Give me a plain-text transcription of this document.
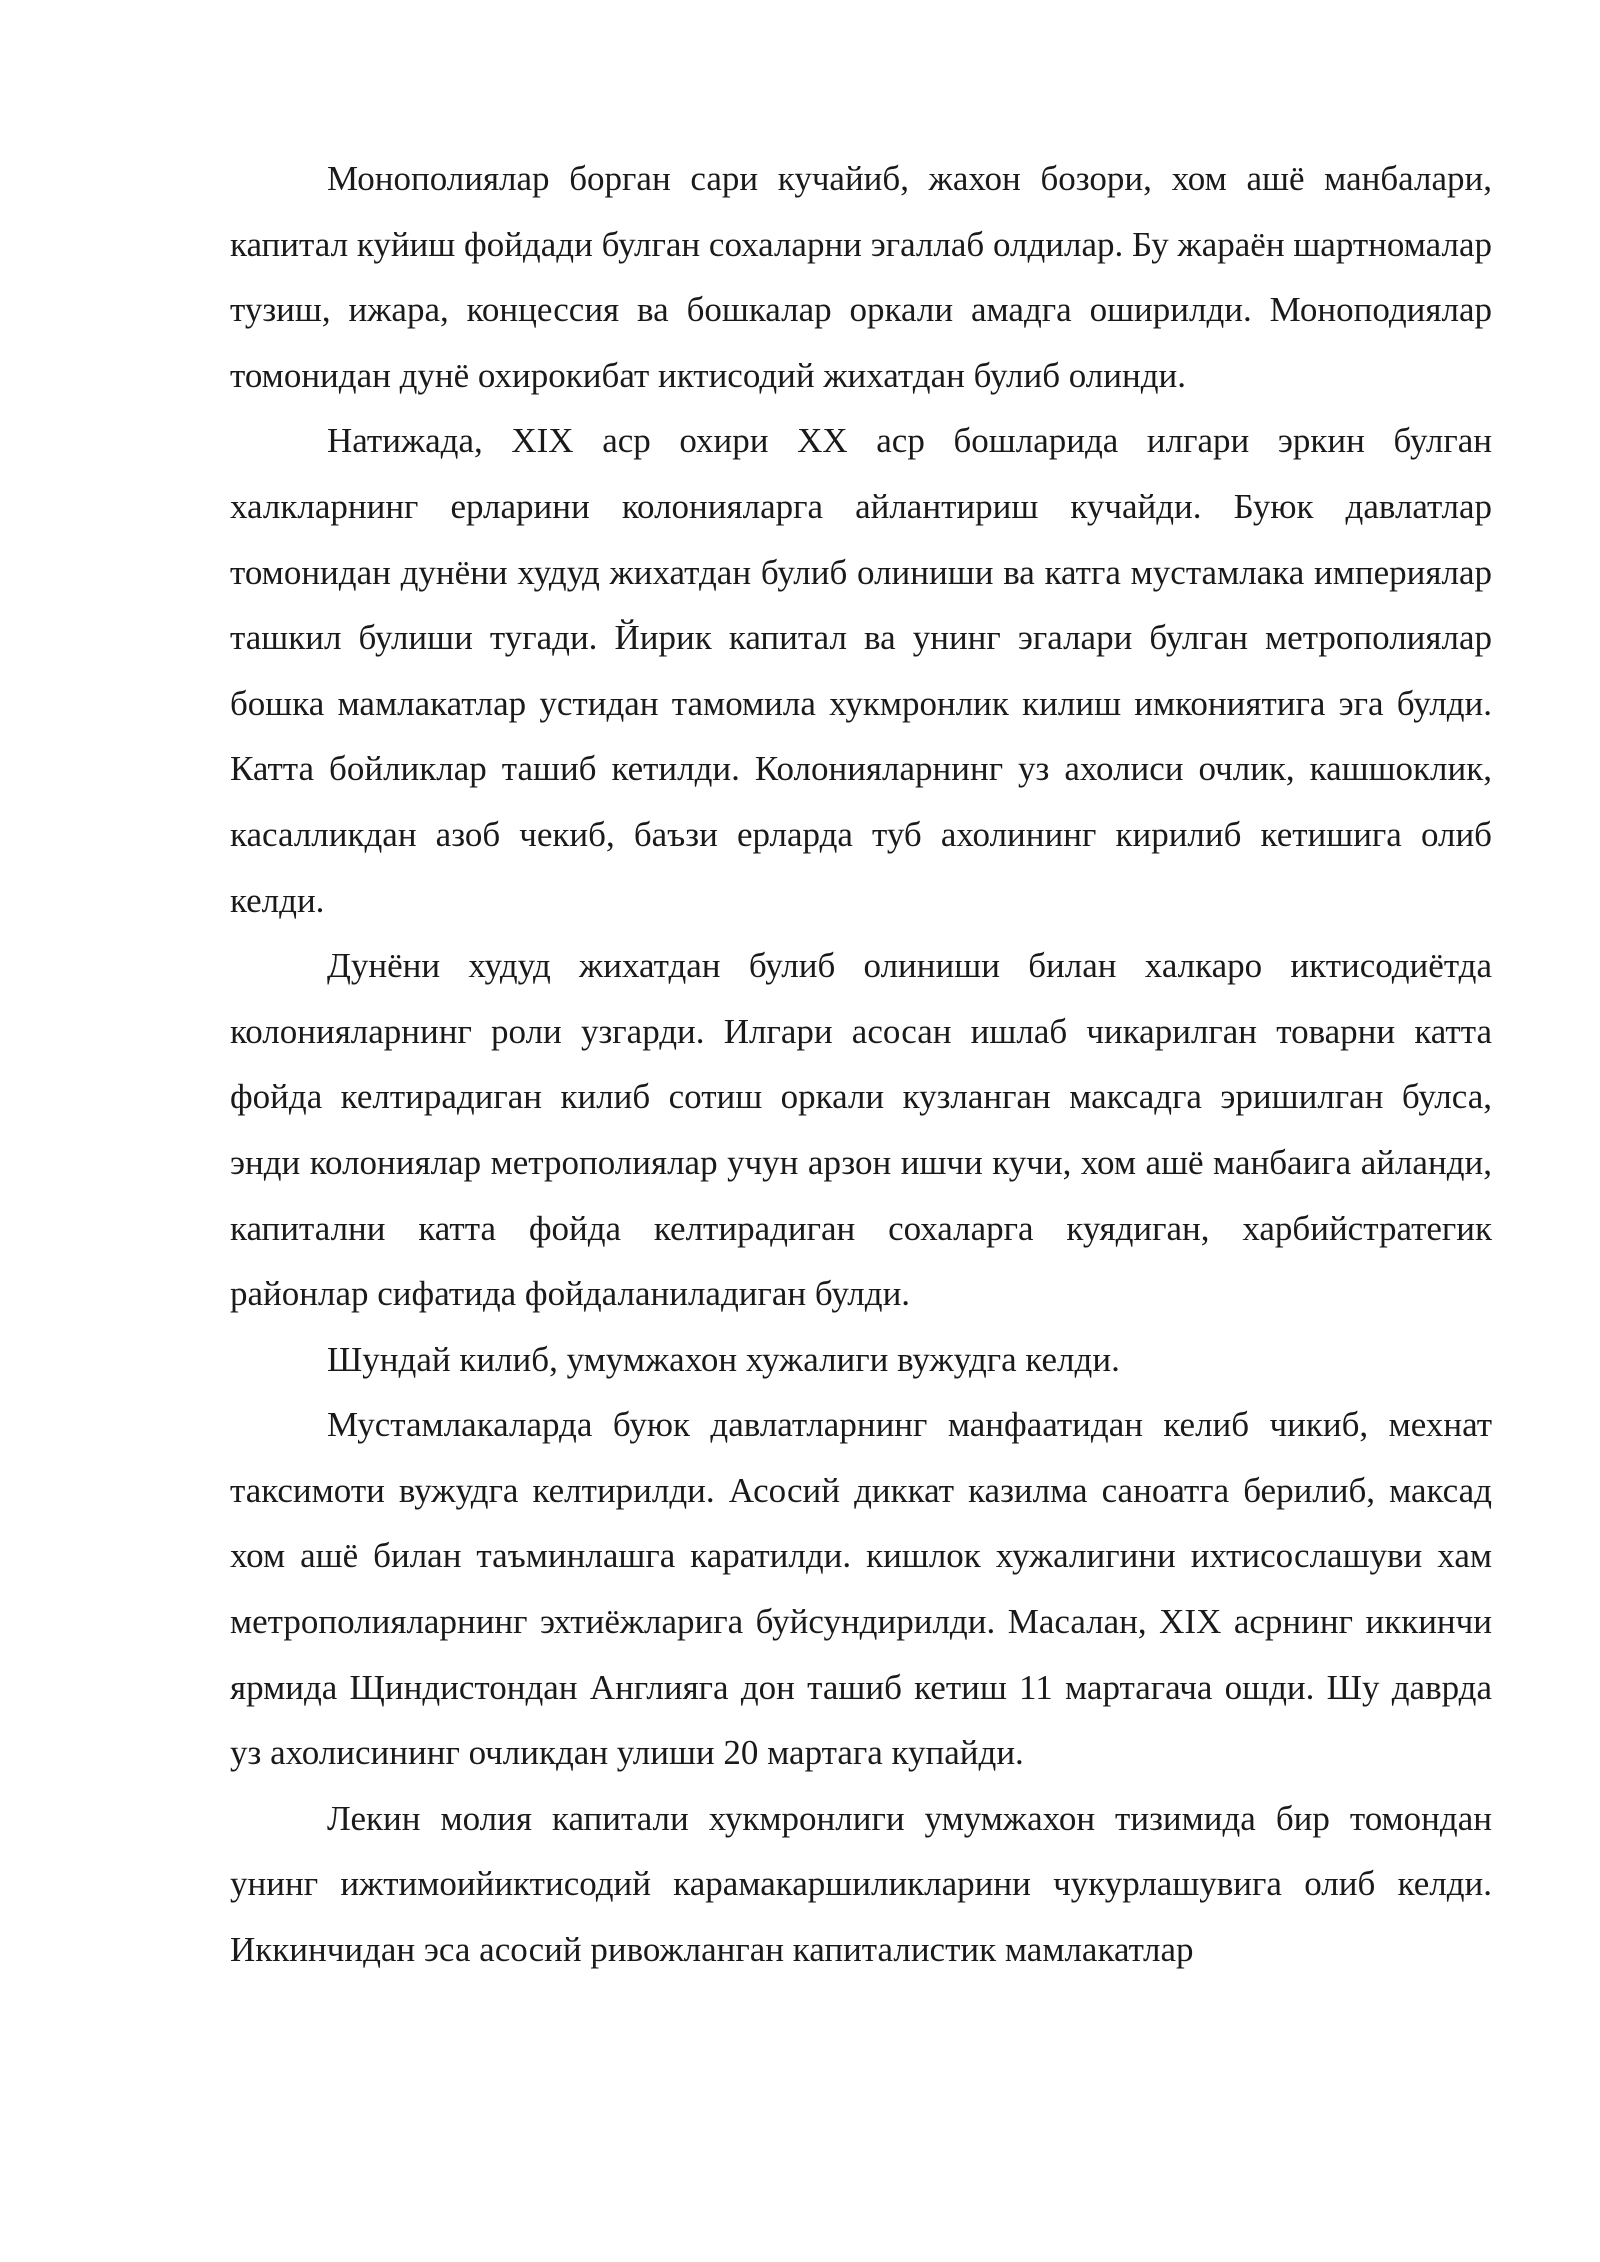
Монополиялар борган сари кучайиб, жахон бозори, хом ашё манбалари, капитал куйиш фойдади булган сохаларни эгаллаб олдилар. Бу жараён шартномалар тузиш, ижара, концессия ва бошкалар оркали амадга оширилди. Моноподиялар томонидан дунё охирокибат иктисодий жихатдан булиб олинди.

Натижада, XIX аср охири XX аср бошларида илгари эркин булган халкларнинг ерларини колонияларга айлантириш кучайди. Буюк давлатлар томонидан дунёни худуд жихатдан булиб олиниши ва катга мустамлака империялар ташкил булиши тугади. Йирик капитал ва унинг эгалари булган метрополиялар бошка мамлакатлар устидан тамомила хукмронлик килиш имкониятига эга булди. Катта бойликлар ташиб кетилди. Колонияларнинг уз ахолиси очлик, кашшоклик, касалликдан азоб чекиб, баъзи ерларда туб ахолининг кирилиб кетишига олиб келди.

Дунёни худуд жихатдан булиб олиниши билан халкаро иктисодиётда колонияларнинг роли узгарди. Илгари асосан ишлаб чикарилган товарни катта фойда келтирадиган килиб сотиш оркали кузланган максадга эришилган булса, энди колониялар метрополиялар учун арзон ишчи кучи, хом ашё манбаига айланди, капитални катта фойда келтирадиган сохаларга куядиган, харбийстратегик районлар сифатида фойдаланиладиган булди.

Шундай килиб, умумжахон хужалиги вужудга келди.

Мустамлакаларда буюк давлатларнинг манфаатидан келиб чикиб, мехнат таксимоти вужудга келтирилди. Асосий диккат казилма саноатга берилиб, максад хом ашё билан таъминлашга каратилди. кишлок хужалигини ихтисослашуви хам метрополияларнинг эхтиёжларига буйсундирилди. Масалан, XIX асрнинг иккинчи ярмида Щиндистондан Англияга дон ташиб кетиш 11 мартагача ошди. Шу даврда уз ахолисининг очликдан улиши 20 мартага купайди.

Лекин молия капитали хукмронлиги умумжахон тизимида бир томондан унинг ижтимоийиктисодий карамакаршиликларини чукурлашувига олиб келди. Иккинчидан эса асосий ривожланган капиталистик мамлакатлар
